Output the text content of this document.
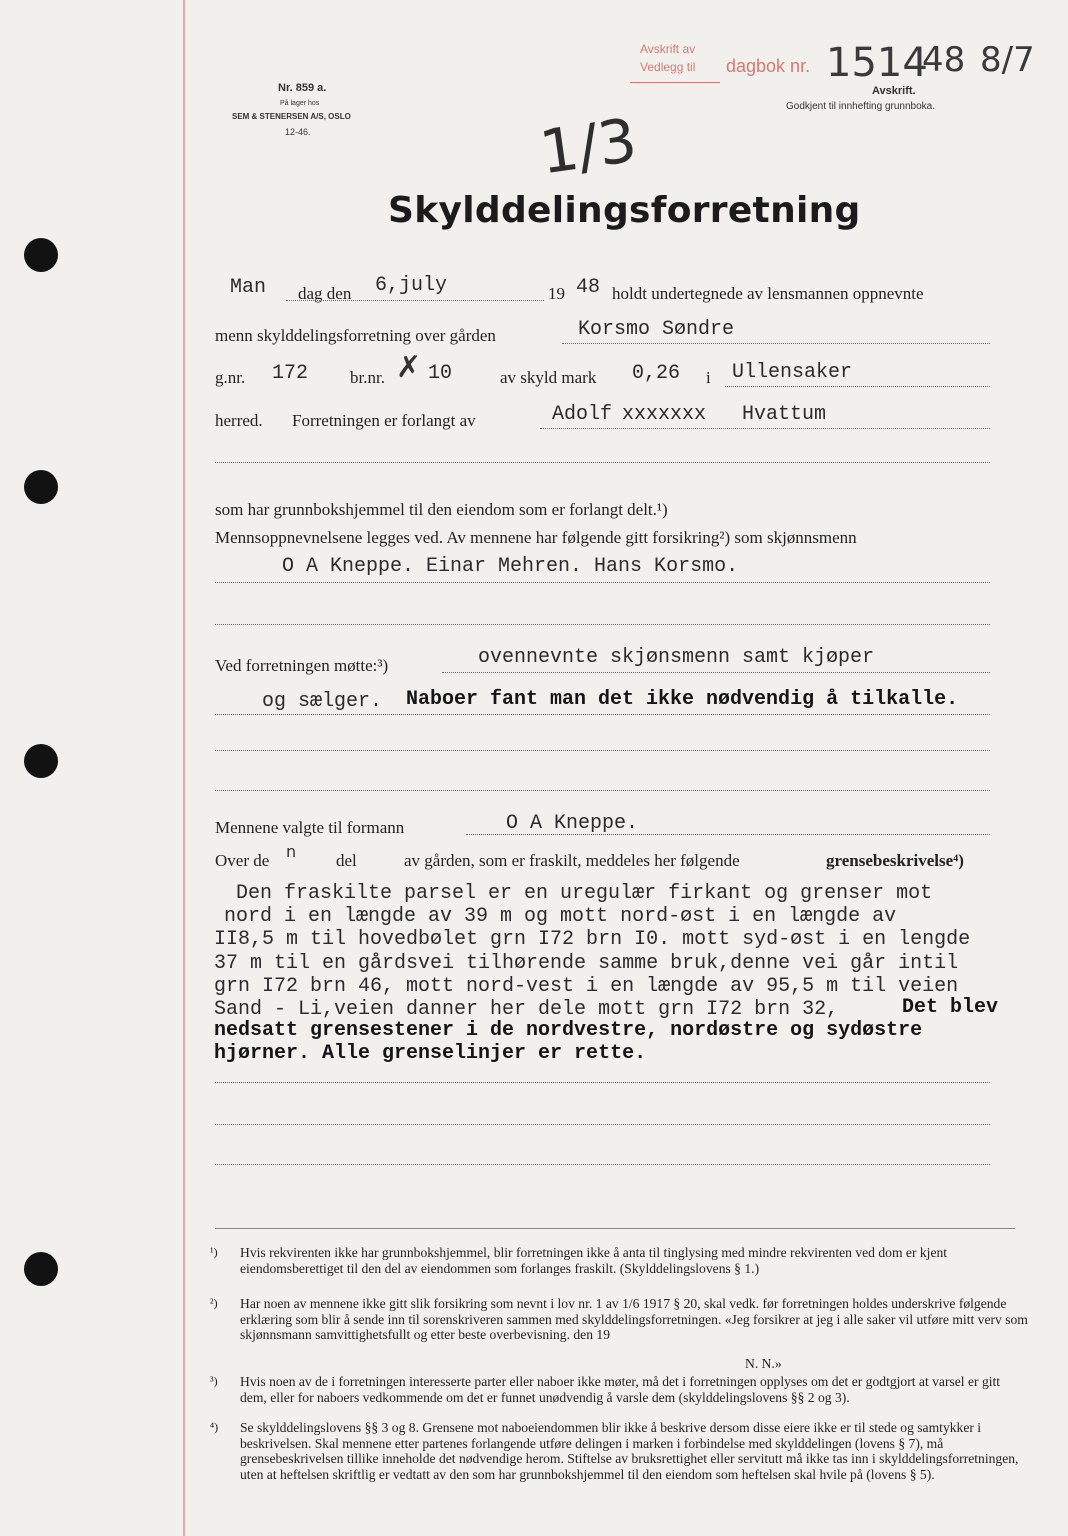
Nr. 859 a.
På lager hos
SEM & STENERSEN A/S, OSLO
12-46.
Avskrift av
Vedlegg til dagbok nr. 1514
48 8/7
Avskrift.
Godkjent til innhefting grunnboka.
1/3
Skylddelingsforretning
Man dag den 6,july	19 48 holdt undertegnede av lensmannen oppnevnte
menn skylddelingsforretning over gården	Korsmo Søndre
g.nr. 172 br.nr. 10
✗	av skyld mark 0,26 i Ullensaker
herred. Forretningen er forlangt av	Adolf xxxxxxx Hvattum
som har grunnbokshjemmel til den eiendom som er forlangt delt.¹)
Mennsoppnevnelsene legges ved. Av mennene har følgende gitt forsikring²) som skjønnsmenn
O A Kneppe. Einar Mehren. Hans Korsmo.
Ved forretningen møtte:³)	ovennevnte skjønsmenn samt kjøper
og sælger. Naboer fant man det ikke nødvendig å tilkalle.
Mennene valgte til formann	O A Kneppe.
Over de n del	av gården, som er fraskilt, meddeles her følgende	grensebeskrivelse⁴)
Den fraskilte parsel er en uregulær firkant og grenser mot
nord i en længde av 39 m og mott nord-øst i en længde av
II8,5 m til hovedbølet grn I72 brn I0. mott syd-øst i en lengde
37 m til en gårdsvei tilhørende samme bruk,denne vei går intil
grn I72 brn 46, mott nord-vest i en længde av 95,5 m til veien
Sand - Li,veien danner her dele mott grn I72 brn 32,	Det blev
nedsatt grensestener i de nordvestre, nordøstre og sydøstre
hjørner. Alle grenselinjer er rette.
¹) Hvis rekvirenten ikke har grunnbokshjemmel, blir forretningen ikke å anta til tinglysing med mindre rekvirenten ved dom er kjent eiendomsberettiget til den del av eiendommen som forlanges fraskilt. (Skylddelingslovens § 1.)
²) Har noen av mennene ikke gitt slik forsikring som nevnt i lov nr. 1 av 1/6 1917 § 20, skal vedk. før forretningen holdes underskrive følgende erklæring som blir å sende inn til sorenskriveren sammen med skylddelingsforretningen. «Jeg forsikrer at jeg i alle saker vil utføre mitt verv som skjønnsmann samvittighetsfullt og etter beste overbevisning. den 19
N. N.»
³) Hvis noen av de i forretningen interesserte parter eller naboer ikke møter, må det i forretningen opplyses om det er godtgjort at varsel er gitt dem, eller for naboers vedkommende om det er funnet unødvendig å varsle dem (skylddelingslovens §§ 2 og 3).
⁴) Se skylddelingslovens §§ 3 og 8. Grensene mot naboeiendommen blir ikke å beskrive dersom disse eiere ikke er til stede og samtykker i beskrivelsen. Skal mennene etter partenes forlangende utføre delingen i marken i forbindelse med skylddelingen (lovens § 7), må grensebeskrivelsen tillike inneholde det nødvendige herom. Stiftelse av bruksrettighet eller servitutt må ikke tas inn i skylddelingsforretningen, uten at heftelsen skriftlig er vedtatt av den som har grunnbokshjemmel til den eiendom som heftelsen skal hvile på (lovens § 5).
